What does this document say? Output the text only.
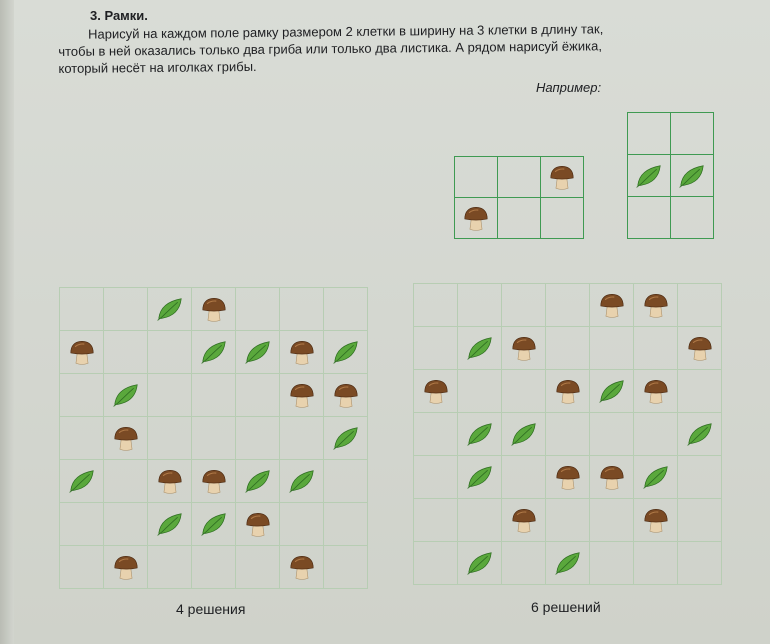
3. Рамки.
Нарисуй на каждом поле рамку размером 2 клетки в ширину на 3 клетки в длину так,
чтобы в ней оказались только два гриба или только два листика. А рядом нарисуй ёжика,
который несёт на иголках грибы.
Например:

4 решения	6 решений
